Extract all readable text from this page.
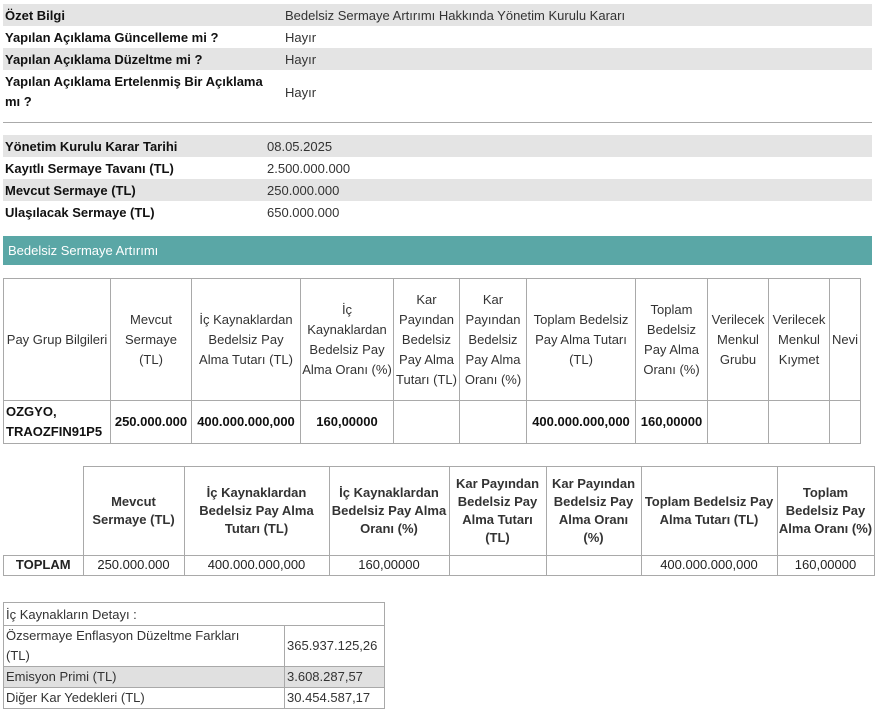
Özet Bilgi	Bedelsiz Sermaye Artırımı Hakkında Yönetim Kurulu Kararı
Yapılan Açıklama Güncelleme mi ?	Hayır
Yapılan Açıklama Düzeltme mi ?	Hayır
Yapılan Açıklama Ertelenmiş Bir Açıklama mı ?	Hayır
Yönetim Kurulu Karar Tarihi	08.05.2025
Kayıtlı Sermaye Tavanı (TL)	2.500.000.000
Mevcut Sermaye (TL)	250.000.000
Ulaşılacak Sermaye (TL)	650.000.000
Bedelsiz Sermaye Artırımı
Pay Grup Bilgileri	Mevcut Sermaye (TL)	İç Kaynaklardan Bedelsiz Pay Alma Tutarı (TL)	İç Kaynaklardan Bedelsiz Pay Alma Oranı (%)	Kar Payından Bedelsiz Pay Alma Tutarı (TL)	Kar Payından Bedelsiz Pay Alma Oranı (%)	Toplam Bedelsiz Pay Alma Tutarı (TL)	Toplam Bedelsiz Pay Alma Oranı (%)	Verilecek Menkul Grubu	Verilecek Menkul Kıymet	Nevi
OZGYO, TRAOZFIN91P5	250.000.000	400.000.000,000	160,00000			400.000.000,000	160,00000			
	Mevcut Sermaye (TL)	İç Kaynaklardan Bedelsiz Pay Alma Tutarı (TL)	İç Kaynaklardan Bedelsiz Pay Alma Oranı (%)	Kar Payından Bedelsiz Pay Alma Tutarı (TL)	Kar Payından Bedelsiz Pay Alma Oranı (%)	Toplam Bedelsiz Pay Alma Tutarı (TL)	Toplam Bedelsiz Pay Alma Oranı (%)
TOPLAM	250.000.000	400.000.000,000	160,00000			400.000.000,000	160,00000
İç Kaynakların Detayı :	
Özsermaye Enflasyon Düzeltme Farkları (TL)	365.937.125,26
Emisyon Primi (TL)	3.608.287,57
Diğer Kar Yedekleri (TL)	30.454.587,17
